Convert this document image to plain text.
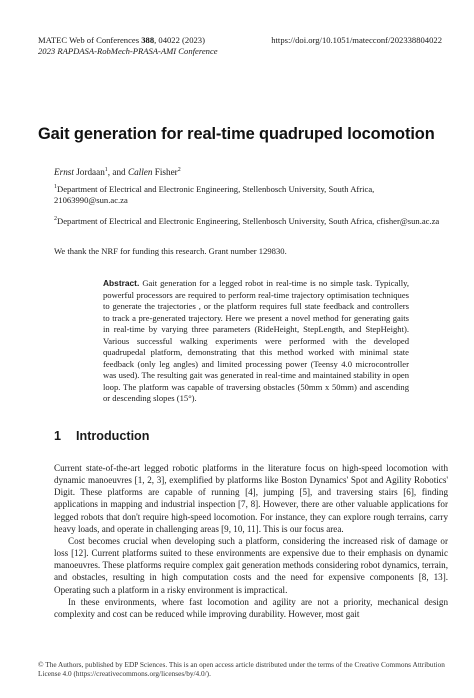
MATEC Web of Conferences 388, 04022 (2023)
2023 RAPDASA-RobMech-PRASA-AMI Conference
https://doi.org/10.1051/matecconf/202338804022
Gait generation for real-time quadruped locomotion
Ernst Jordaan$^1$, and Callen Fisher$^2$
$^1$Department of Electrical and Electronic Engineering, Stellenbosch University, South Africa, 21063990@sun.ac.za
$^2$Department of Electrical and Electronic Engineering, Stellenbosch University, South Africa, cfisher@sun.ac.za
We thank the NRF for funding this research. Grant number 129830.
Abstract. Gait generation for a legged robot in real-time is no simple task. Typically, powerful processors are required to perform real-time trajectory optimisation techniques to generate the trajectories , or the platform requires full state feedback and controllers to track a pre-generated trajectory. Here we present a novel method for generating gaits in real-time by varying three parameters (RideHeight, StepLength, and StepHeight). Various successful walking experiments were performed with the developed quadrupedal platform, demonstrating that this method worked with minimal state feedback (only leg angles) and limited processing power (Teensy 4.0 microcontroller was used). The resulting gait was generated in real-time and maintained stability in open loop. The platform was capable of traversing obstacles (50mm x 50mm) and ascending or descending slopes (15°).
1 Introduction

Current state-of-the-art legged robotic platforms in the literature focus on high-speed locomotion with dynamic manoeuvres [1, 2, 3], exemplified by platforms like Boston Dynamics' Spot and Agility Robotics' Digit. These platforms are capable of running [4], jumping [5], and traversing stairs [6], finding applications in mapping and industrial inspection [7, 8]. However, there are other valuable applications for legged robots that don't require high-speed locomotion. For instance, they can explore rough terrains, carry heavy loads, and operate in challenging areas [9, 10, 11]. This is our focus area.

Cost becomes crucial when developing such a platform, considering the increased risk of damage or loss [12]. Current platforms suited to these environments are expensive due to their emphasis on dynamic manoeuvres. These platforms require complex gait generation methods considering robot dynamics, terrain, and obstacles, resulting in high computation costs and the need for expensive components [8, 13]. Operating such a platform in a risky environment is impractical.

In these environments, where fast locomotion and agility are not a priority, mechanical design complexity and cost can be reduced while improving durability. However, most gait

© The Authors, published by EDP Sciences. This is an open access article distributed under the terms of the Creative Commons Attribution License 4.0 (https://creativecommons.org/licenses/by/4.0/).
